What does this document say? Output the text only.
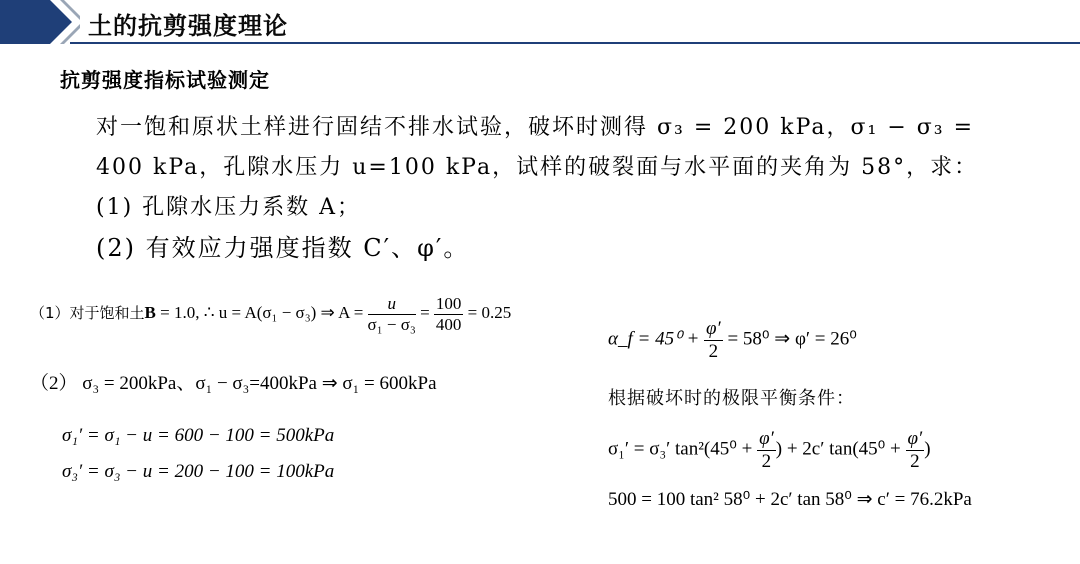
土的抗剪强度理论
抗剪强度指标试验测定
对一饱和原状土样进行固结不排水试验，破坏时测得 σ₃ = 200 kPa，σ₁ − σ₃ =
400 kPa，孔隙水压力 u=100 kPa，试样的破裂面与水平面的夹角为 58°，求：
(1) 孔隙水压力系数 A；
(2) 有效应力强度指数 C′、φ′。
（1）对于饱和土B = 1.0, ∴ u = A(σ₁ − σ₃) ⇒ $A = \frac{u}{\text{σ₁ − σ₃}} = \frac{100}{400} = 0.25$
（2） σ₃ = 200kPa、σ₁ − σ₃=400kPa ⇒ σ₁ = 600kPa
σ₁′ = σ₁ − u = 600 − 100 = 500kPa
σ₃′ = σ₃ − u = 200 − 100 = 100kPa
α_f = $45^0 + \frac{\varphi'}{2} = 58^0$ ⇒ φ′ = 26⁰
根据破坏时的极限平衡条件：
σ₁′ = σ₃′ $\tan^2(45^0 + \frac{\varphi'}{2}$ ) + 2c′ $\tan(45^0 + \frac{\varphi'}{2}$ )
500 = 100 tan² 58⁰ + 2c′ tan 58⁰ ⇒ c′ = 76.2kPa
